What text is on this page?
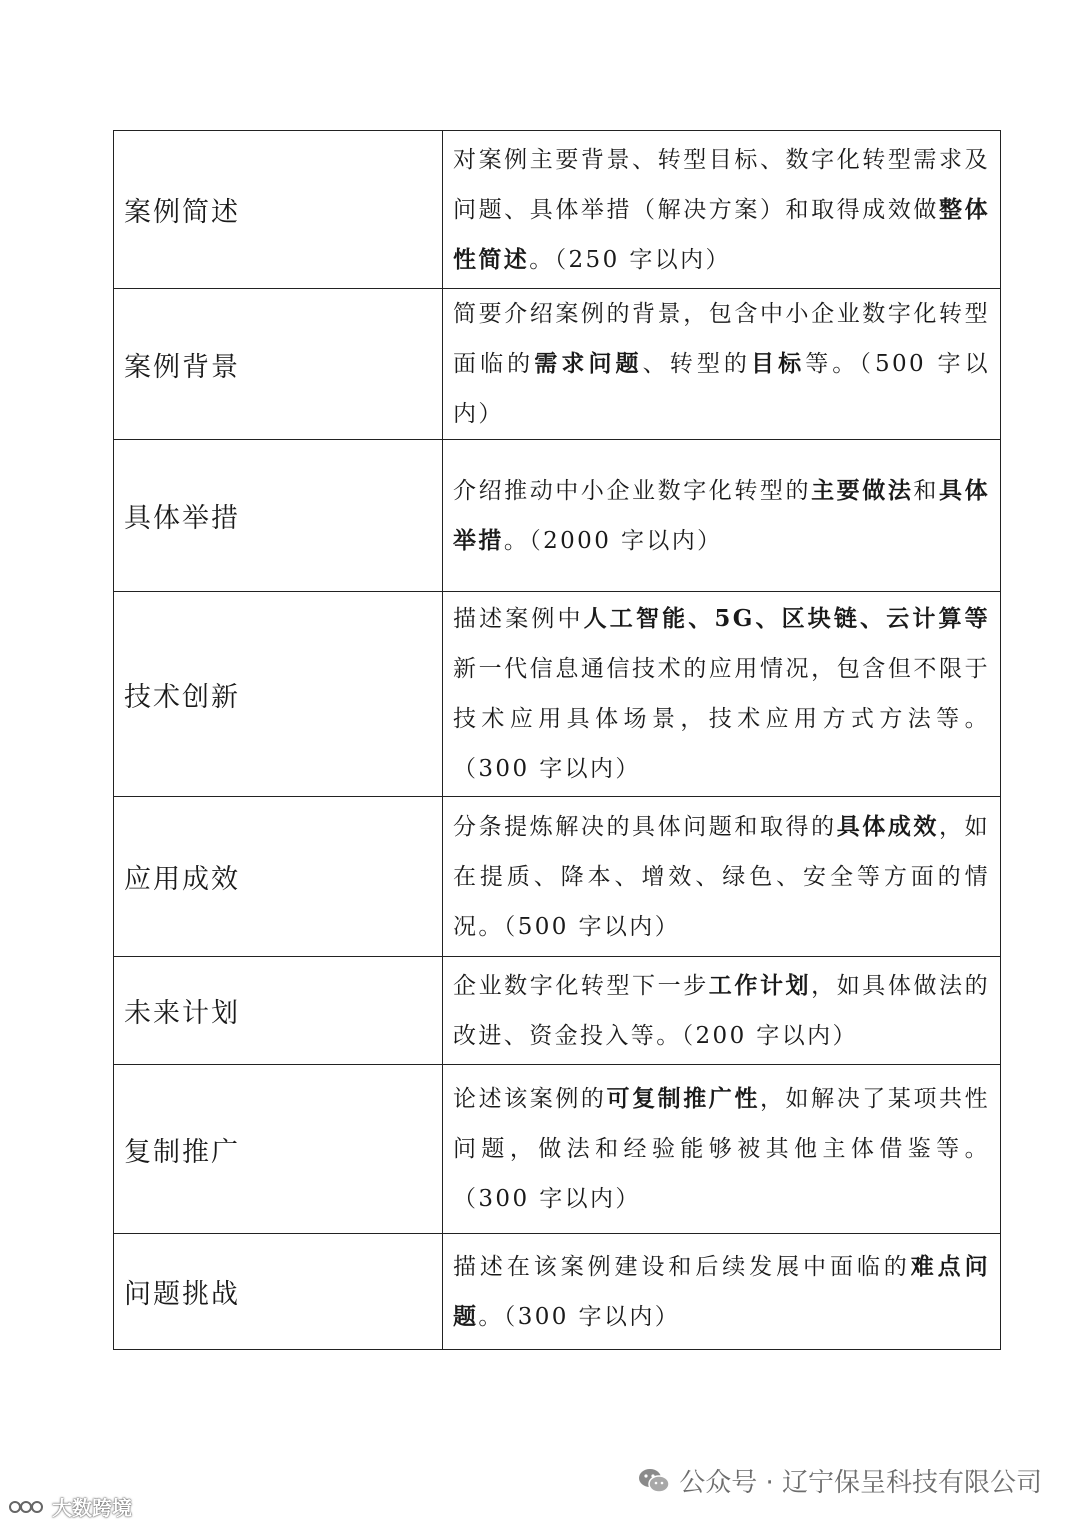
案例简述	对案例主要背景、转型目标、数字化转型需求及问题、具体举措（解决方案）和取得成效做整体性简述。（250 字以内）
案例背景	简要介绍案例的背景，包含中小企业数字化转型面临的需求问题、转型的目标等。（500 字以内）
具体举措	介绍推动中小企业数字化转型的主要做法和具体举措。（2000 字以内）
技术创新	描述案例中人工智能、5G、区块链、云计算等新一代信息通信技术的应用情况，包含但不限于技术应用具体场景，技术应用方式方法等。（300 字以内）
应用成效	分条提炼解决的具体问题和取得的具体成效，如在提质、降本、增效、绿色、安全等方面的情况。（500 字以内）
未来计划	企业数字化转型下一步工作计划，如具体做法的改进、资金投入等。（200 字以内）
复制推广	论述该案例的可复制推广性，如解决了某项共性问题，做法和经验能够被其他主体借鉴等。（300 字以内）
问题挑战	描述在该案例建设和后续发展中面临的难点问题。（300 字以内）
公众号 · 辽宁保呈科技有限公司
大数跨境
